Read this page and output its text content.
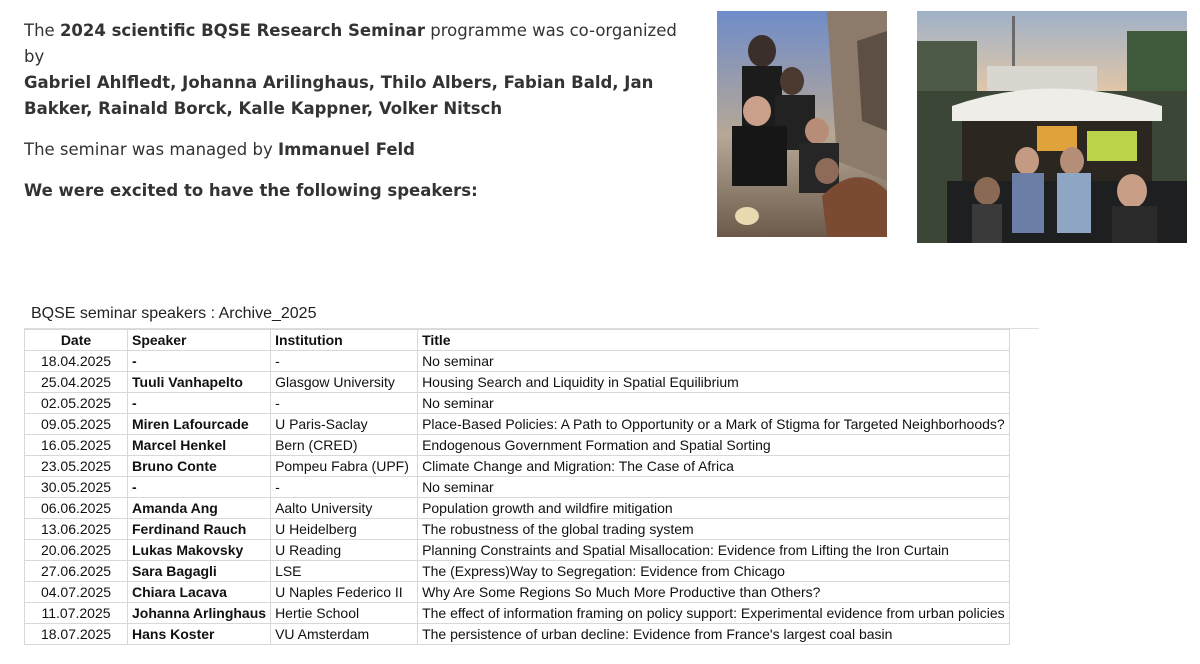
The 2024 scientific BQSE Research Seminar programme was co-organized by
Gabriel Ahlfledt, Johanna Arilinghaus, Thilo Albers, Fabian Bald, Jan Bakker, Rainald Borck, Kalle Kappner, Volker Nitsch

The seminar was managed by Immanuel Feld

We were excited to have the following speakers:

BQSE seminar speakers : Archive_2025
Date	Speaker	Institution	Title
18.04.2025	-	-	No seminar
25.04.2025	Tuuli Vanhapelto	Glasgow University	Housing Search and Liquidity in Spatial Equilibrium
02.05.2025	-	-	No seminar
09.05.2025	Miren Lafourcade	U Paris-Saclay	Place-Based Policies: A Path to Opportunity or a Mark of Stigma for Targeted Neighborhoods?
16.05.2025	Marcel Henkel	Bern (CRED)	Endogenous Government Formation and Spatial Sorting
23.05.2025	Bruno Conte	Pompeu Fabra (UPF)	Climate Change and Migration: The Case of Africa
30.05.2025	-	-	No seminar
06.06.2025	Amanda Ang	Aalto University	Population growth and wildfire mitigation
13.06.2025	Ferdinand Rauch	U Heidelberg	The robustness of the global trading system
20.06.2025	Lukas Makovsky	U Reading	Planning Constraints and Spatial Misallocation: Evidence from Lifting the Iron Curtain
27.06.2025	Sara Bagagli	LSE	The (Express)Way to Segregation: Evidence from Chicago
04.07.2025	Chiara Lacava	U Naples Federico II	Why Are Some Regions So Much More Productive than Others?
11.07.2025	Johanna Arlinghaus	Hertie School	The effect of information framing on policy support: Experimental evidence from urban policies
18.07.2025	Hans Koster	VU Amsterdam	The persistence of urban decline: Evidence from France's largest coal basin
